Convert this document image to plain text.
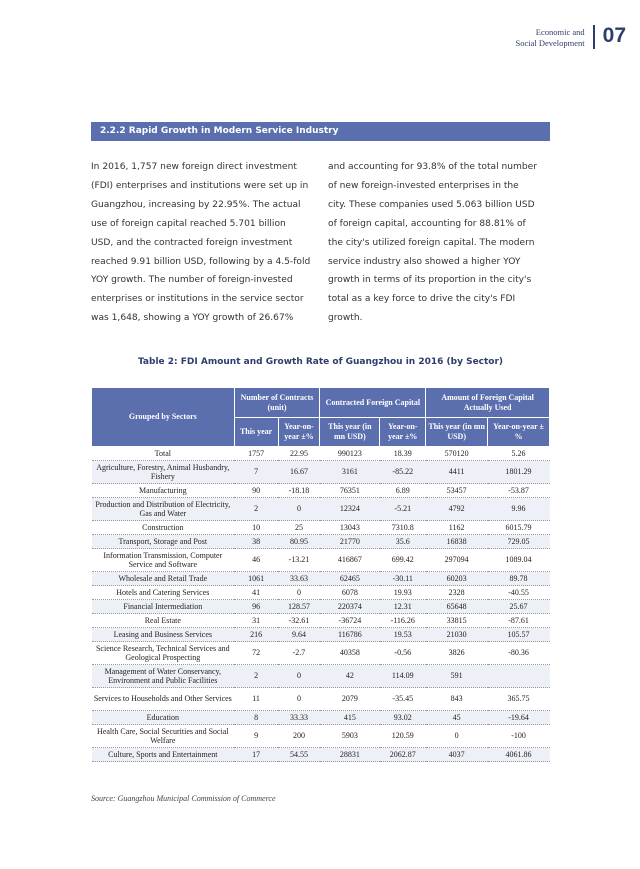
Economic and
Social Development 07
2.2.2 Rapid Growth in Modern Service Industry

In 2016, 1,757 new foreign direct investment

(FDI) enterprises and institutions were set up in

Guangzhou, increasing by 22.95%. The actual

use of foreign capital reached 5.701 billion

USD, and the contracted foreign investment

reached 9.91 billion USD, following by a 4.5-fold

YOY growth. The number of foreign-invested

enterprises or institutions in the service sector

was 1,648, showing a YOY growth of 26.67%

and accounting for 93.8% of the total number

of new foreign-invested enterprises in the

city. These companies used 5.063 billion USD

of foreign capital, accounting for 88.81% of

the city's utilized foreign capital. The modern

service industry also showed a higher YOY

growth in terms of its proportion in the city's

total as a key force to drive the city's FDI

growth.

Table 2: FDI Amount and Growth Rate of Guangzhou in 2016 (by Sector)
Grouped by Sectors	Number of Contracts (unit)		Contracted Foreign Capital		Amount of Foreign Capital Actually Used	
	This year	Year-on-year ±%	This year (in mn USD)	Year-on-year ±%	This year (in mn USD)	Year-on-year ±%
Total	1757	22.95	990123	18.39	570120	5.26
Agriculture, Forestry, Animal Husbandry, Fishery	7	16.67	3161	-85.22	4411	1801.29
Manufacturing	90	-18.18	76351	6.89	53457	-53.87
Production and Distribution of Electricity, Gas and Water	2	0	12324	-5.21	4792	9.96
Construction	10	25	13043	7310.8	1162	6015.79
Transport, Storage and Post	38	80.95	21770	35.6	16838	729.05
Information Transmission, Computer Service and Software	46	-13.21	416867	699.42	297094	1089.04
Wholesale and Retail Trade	1061	33.63	62465	-30.11	60203	89.78
Hotels and Catering Services	41	0	6078	19.93	2328	-40.55
Financial Intermediation	96	128.57	220374	12.31	65648	25.67
Real Estate	31	-32.61	-36724	-116.26	33815	-87.61
Leasing and Business Services	216	9.64	116786	19.53	21030	105.57
Science Research, Technical Services and Geological Prospecting	72	-2.7	40358	-0.56	3826	-80.36
Management of Water Conservancy, Environment and Public Facilities	2	0	42	114.09	591	
Services to Households and Other Services	11	0	2079	-35.45	843	365.75
Education	8	33.33	415	93.02	45	-19.64
Health Care, Social Securities and Social Welfare	9	200	5903	120.59	0	-100
Culture, Sports and Entertainment	17	54.55	28831	2062.87	4037	4061.86
Source: Guangzhou Municipal Commission of Commerce
